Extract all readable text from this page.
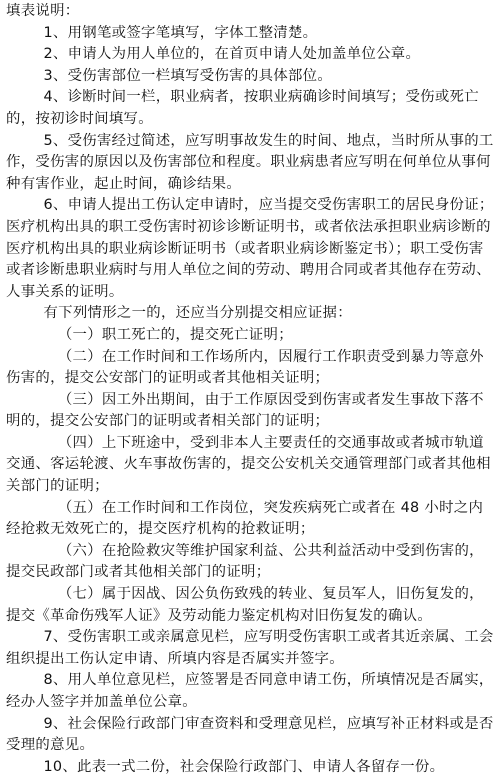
填表说明：

1、用钢笔或签字笔填写，字体工整清楚。

2、申请人为用人单位的，在首页申请人处加盖单位公章。

3、受伤害部位一栏填写受伤害的具体部位。

4、诊断时间一栏，职业病者，按职业病确诊时间填写；受伤或死亡的，按初诊时间填写。

5、受伤害经过简述，应写明事故发生的时间、地点，当时所从事的工作，受伤害的原因以及伤害部位和程度。职业病患者应写明在何单位从事何种有害作业，起止时间，确诊结果。

6、申请人提出工伤认定申请时，应当提交受伤害职工的居民身份证；医疗机构出具的职工受伤害时初诊诊断证明书，或者依法承担职业病诊断的医疗机构出具的职业病诊断证明书（或者职业病诊断鉴定书）；职工受伤害或者诊断患职业病时与用人单位之间的劳动、聘用合同或者其他存在劳动、人事关系的证明。

有下列情形之一的，还应当分别提交相应证据：

（一）职工死亡的，提交死亡证明；

（二）在工作时间和工作场所内，因履行工作职责受到暴力等意外伤害的，提交公安部门的证明或者其他相关证明；

（三）因工外出期间，由于工作原因受到伤害或者发生事故下落不明的，提交公安部门的证明或者相关部门的证明；

（四）上下班途中，受到非本人主要责任的交通事故或者城市轨道交通、客运轮渡、火车事故伤害的，提交公安机关交通管理部门或者其他相关部门的证明；

（五）在工作时间和工作岗位，突发疾病死亡或者在 48 小时之内经抢救无效死亡的，提交医疗机构的抢救证明；

（六）在抢险救灾等维护国家利益、公共利益活动中受到伤害的，提交民政部门或者其他相关部门的证明；

（七）属于因战、因公负伤致残的转业、复员军人，旧伤复发的，提交《革命伤残军人证》及劳动能力鉴定机构对旧伤复发的确认。

7、受伤害职工或亲属意见栏，应写明受伤害职工或者其近亲属、工会组织提出工伤认定申请、所填内容是否属实并签字。

8、用人单位意见栏，应签署是否同意申请工伤，所填情况是否属实，经办人签字并加盖单位公章。

9、社会保险行政部门审查资料和受理意见栏，应填写补正材料或是否受理的意见。

10、此表一式二份，社会保险行政部门、申请人各留存一份。
